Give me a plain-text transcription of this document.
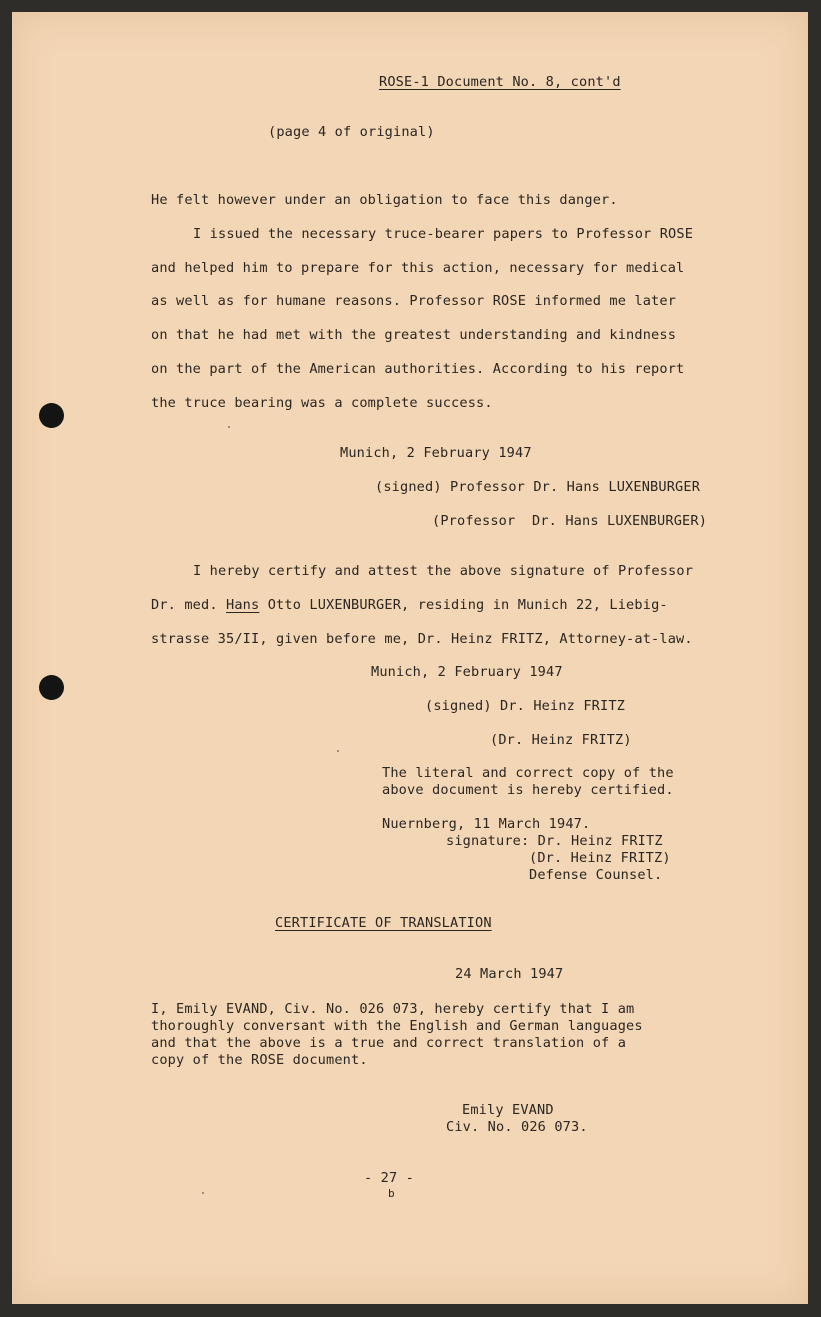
ROSE-1 Document No. 8, cont'd
(page 4 of original)
He felt however under an obligation to face this danger.
I issued the necessary truce-bearer papers to Professor ROSE
and helped him to prepare for this action, necessary for medical
as well as for humane reasons. Professor ROSE informed me later
on that he had met with the greatest understanding and kindness
on the part of the American authorities. According to his report
the truce bearing was a complete success.
Munich, 2 February 1947
(signed) Professor Dr. Hans LUXENBURGER
(Professor  Dr. Hans LUXENBURGER)
I hereby certify and attest the above signature of Professor
Dr. med. Hans Otto LUXENBURGER, residing in Munich 22, Liebig-
strasse 35/II, given before me, Dr. Heinz FRITZ, Attorney-at-law.
Munich, 2 February 1947
(signed) Dr. Heinz FRITZ
(Dr. Heinz FRITZ)
The literal and correct copy of the
above document is hereby certified.
Nuernberg, 11 March 1947.
signature: Dr. Heinz FRITZ
(Dr. Heinz FRITZ)
Defense Counsel.
CERTIFICATE OF TRANSLATION
24 March 1947
I, Emily EVAND, Civ. No. 026 073, hereby certify that I am
thoroughly conversant with the English and German languages
and that the above is a true and correct translation of a
copy of the ROSE document.
Emily EVAND
Civ. No. 026 073.
- 27 -
b
